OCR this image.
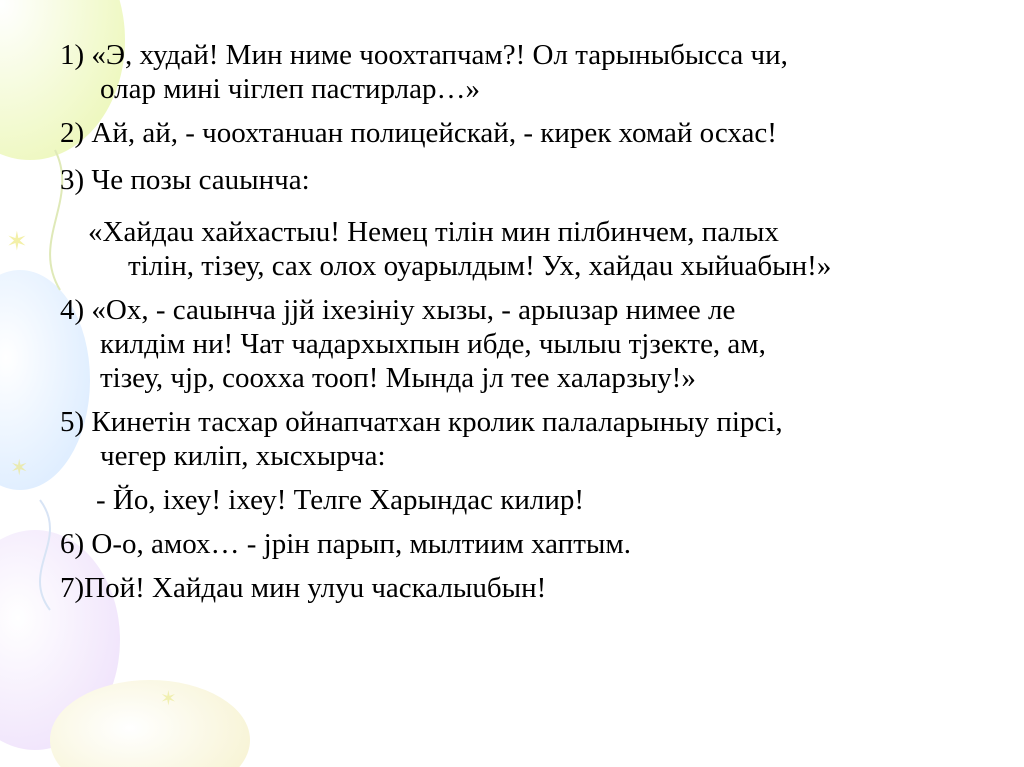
✶
✶
✶

1) «Э, худай! Мин ниме чоохтапчам?! Ол тарыныбысса чи,
олар минi чiглеп пастирлар…»

2) Ай, ай, - чоохтанuан полицейскай, - кирек хомай осхас!

3) Че позы саuынча:

«Хайдаu хайхастыu! Немец тiлiн мин пiлбинчем, палых
тiлiн, тiзеу, сах олох оуарылдым! Ух, хайдаu хыйuабын!»

4) «Ох, - саuынча jjй iхезiнiу хызы, - арыuзар нимее ле
килдiм ни! Чат чадархыхпын ибде, чылыu тjзекте, ам,
тiзеу, чjр, соохха тооп! Мында jл тее халарзыу!»

5) Кинетiн тасхар ойнапчатхан кролик палаларыныу пiрсi,
чегер килiп, хысхырча:

- Йо, iхеу! iхеу! Телге Харындас килир!

6) О-о, амох… - jрiн парып, мылтиим хаптым.

7)Пой! Хайдаu мин улуu часкалыuбын!
